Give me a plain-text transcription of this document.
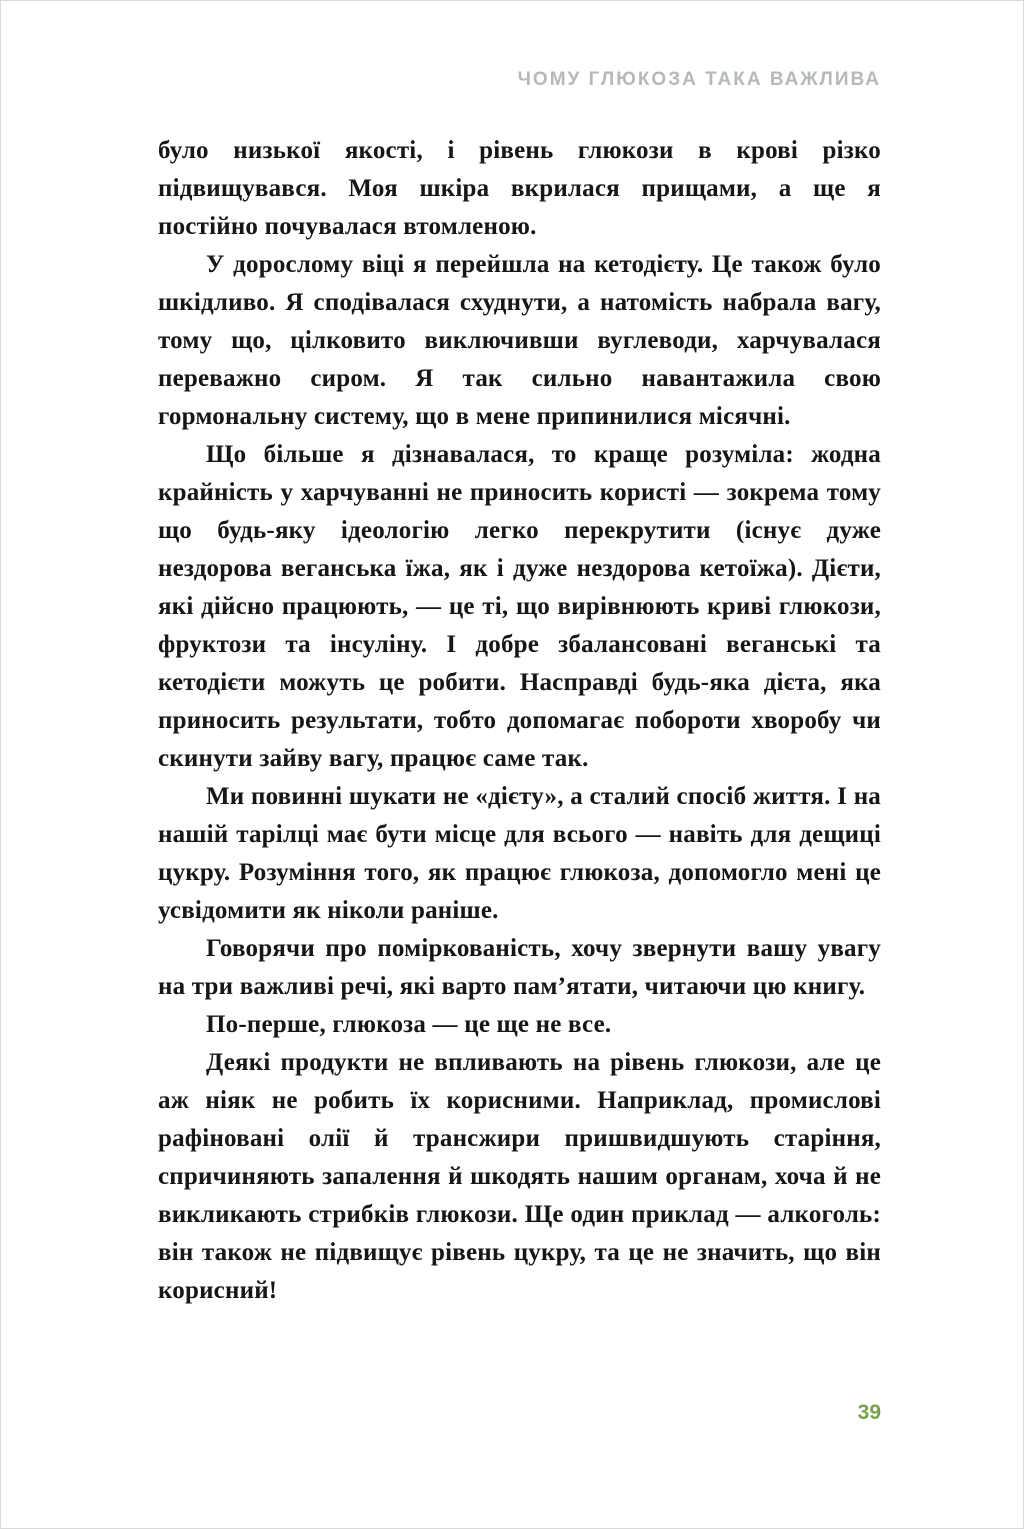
ЧОМУ ГЛЮКОЗА ТАКА ВАЖЛИВА

було низької якості, і рівень глюкози в крові різко підвищувався. Моя шкіра вкрилася прищами, а ще я постійно почувалася втомленою.

У дорослому віці я перейшла на кетодієту. Це також було шкідливо. Я сподівалася схуднути, а натомість набрала вагу, тому що, цілковито виключивши вуглеводи, харчувалася переважно сиром. Я так сильно навантажила свою гормональну систему, що в мене припинилися місячні.

Що більше я дізнавалася, то краще розуміла: жодна крайність у харчуванні не приносить користі — зокрема тому що будь-яку ідеологію легко перекрутити (існує дуже нездорова веганська їжа, як і дуже нездорова кетоїжа). Дієти, які дійсно працюють, — це ті, що вирівнюють криві глюкози, фруктози та інсуліну. І добре збалансовані веганські та кетодієти можуть це робити. Насправді будь-яка дієта, яка приносить результати, тобто допомагає побороти хворобу чи скинути зайву вагу, працює саме так.

Ми повинні шукати не «дієту», а сталий спосіб життя. І на нашій тарілці має бути місце для всього — навіть для дещиці цукру. Розуміння того, як працює глюкоза, допомогло мені це усвідомити як ніколи раніше.

Говорячи про поміркованість, хочу звернути вашу увагу на три важливі речі, які варто пам’ятати, читаючи цю книгу.

По-перше, глюкоза — це ще не все.

Деякі продукти не впливають на рівень глюкози, але це аж ніяк не робить їх корисними. Наприклад, промислові рафіновані олії й трансжири пришвидшують старіння, спричиняють запалення й шкодять нашим органам, хоча й не викликають стрибків глюкози. Ще один приклад — алкоголь: він також не підвищує рівень цукру, та це не значить, що він корисний!

39
